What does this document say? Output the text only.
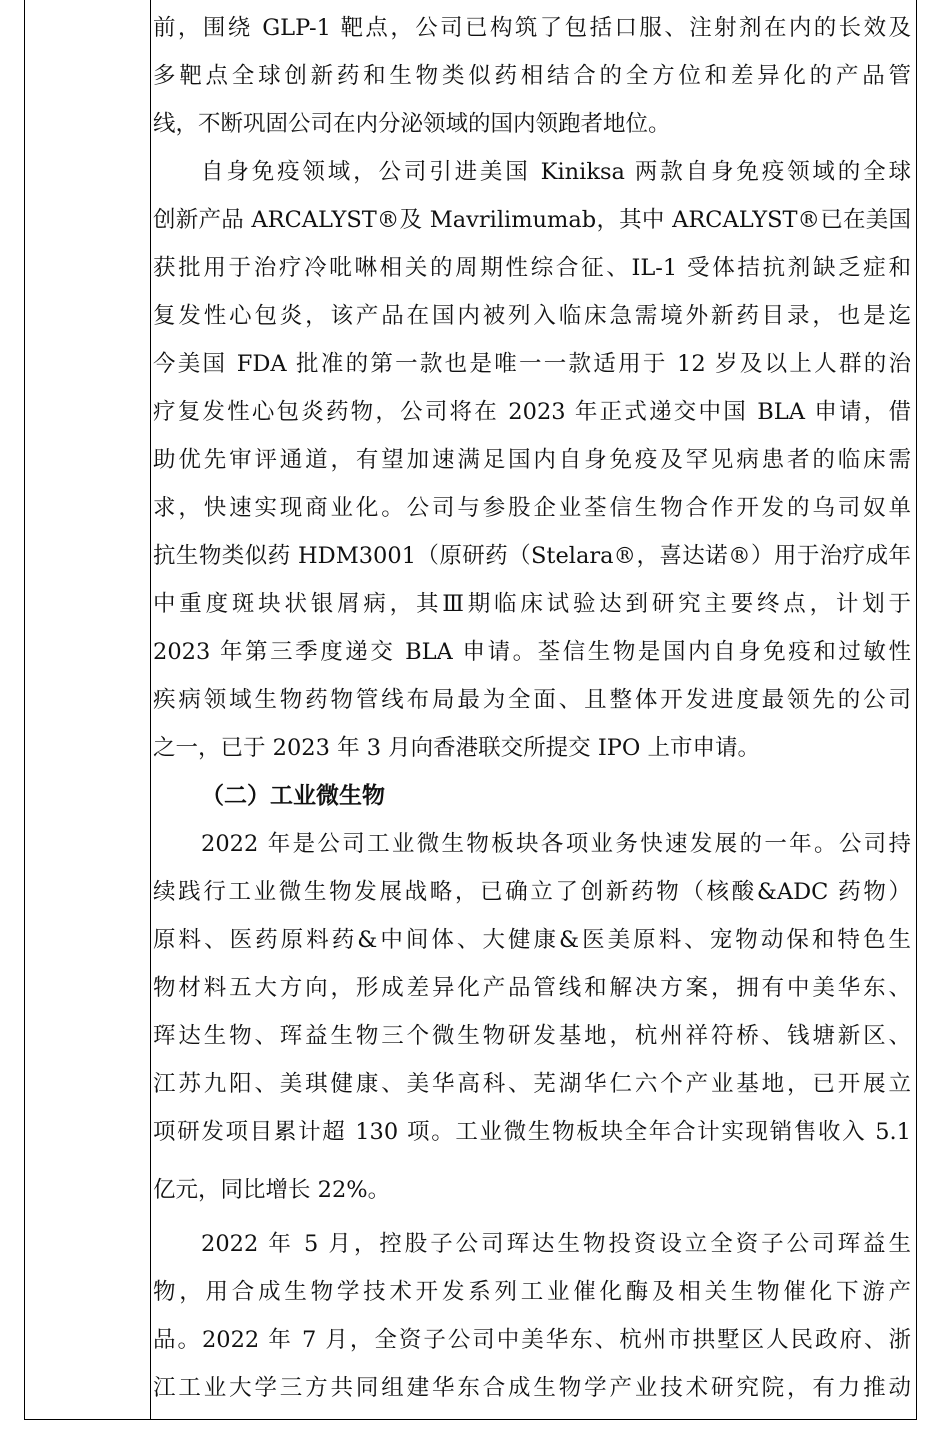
前，围绕 GLP-1 靶点，公司已构筑了包括口服、注射剂在内的长效及
多靶点全球创新药和生物类似药相结合的全方位和差异化的产品管
线，不断巩固公司在内分泌领域的国内领跑者地位。
自身免疫领域，公司引进美国 Kiniksa 两款自身免疫领域的全球
创新产品 ARCALYST®及 Mavrilimumab，其中 ARCALYST®已在美国
获批用于治疗冷吡啉相关的周期性综合征、IL-1 受体拮抗剂缺乏症和
复发性心包炎，该产品在国内被列入临床急需境外新药目录，也是迄
今美国 FDA 批准的第一款也是唯一一款适用于 12 岁及以上人群的治
疗复发性心包炎药物，公司将在 2023 年正式递交中国 BLA 申请，借
助优先审评通道，有望加速满足国内自身免疫及罕见病患者的临床需
求，快速实现商业化。公司与参股企业荃信生物合作开发的乌司奴单
抗生物类似药 HDM3001（原研药（Stelara®，喜达诺®）用于治疗成年
中重度斑块状银屑病，其Ⅲ期临床试验达到研究主要终点，计划于
2023 年第三季度递交 BLA 申请。荃信生物是国内自身免疫和过敏性
疾病领域生物药物管线布局最为全面、且整体开发进度最领先的公司
之一，已于 2023 年 3 月向香港联交所提交 IPO 上市申请。
（二）工业微生物
2022 年是公司工业微生物板块各项业务快速发展的一年。公司持
续践行工业微生物发展战略，已确立了创新药物（核酸&ADC 药物）
原料、医药原料药&中间体、大健康&医美原料、宠物动保和特色生
物材料五大方向，形成差异化产品管线和解决方案，拥有中美华东、
珲达生物、珲益生物三个微生物研发基地，杭州祥符桥、钱塘新区、
江苏九阳、美琪健康、美华高科、芜湖华仁六个产业基地，已开展立
项研发项目累计超 130 项。工业微生物板块全年合计实现销售收入 5.1
亿元，同比增长 22%。
2022 年 5 月，控股子公司珲达生物投资设立全资子公司珲益生
物，用合成生物学技术开发系列工业催化酶及相关生物催化下游产
品。2022 年 7 月，全资子公司中美华东、杭州市拱墅区人民政府、浙
江工业大学三方共同组建华东合成生物学产业技术研究院，有力推动
